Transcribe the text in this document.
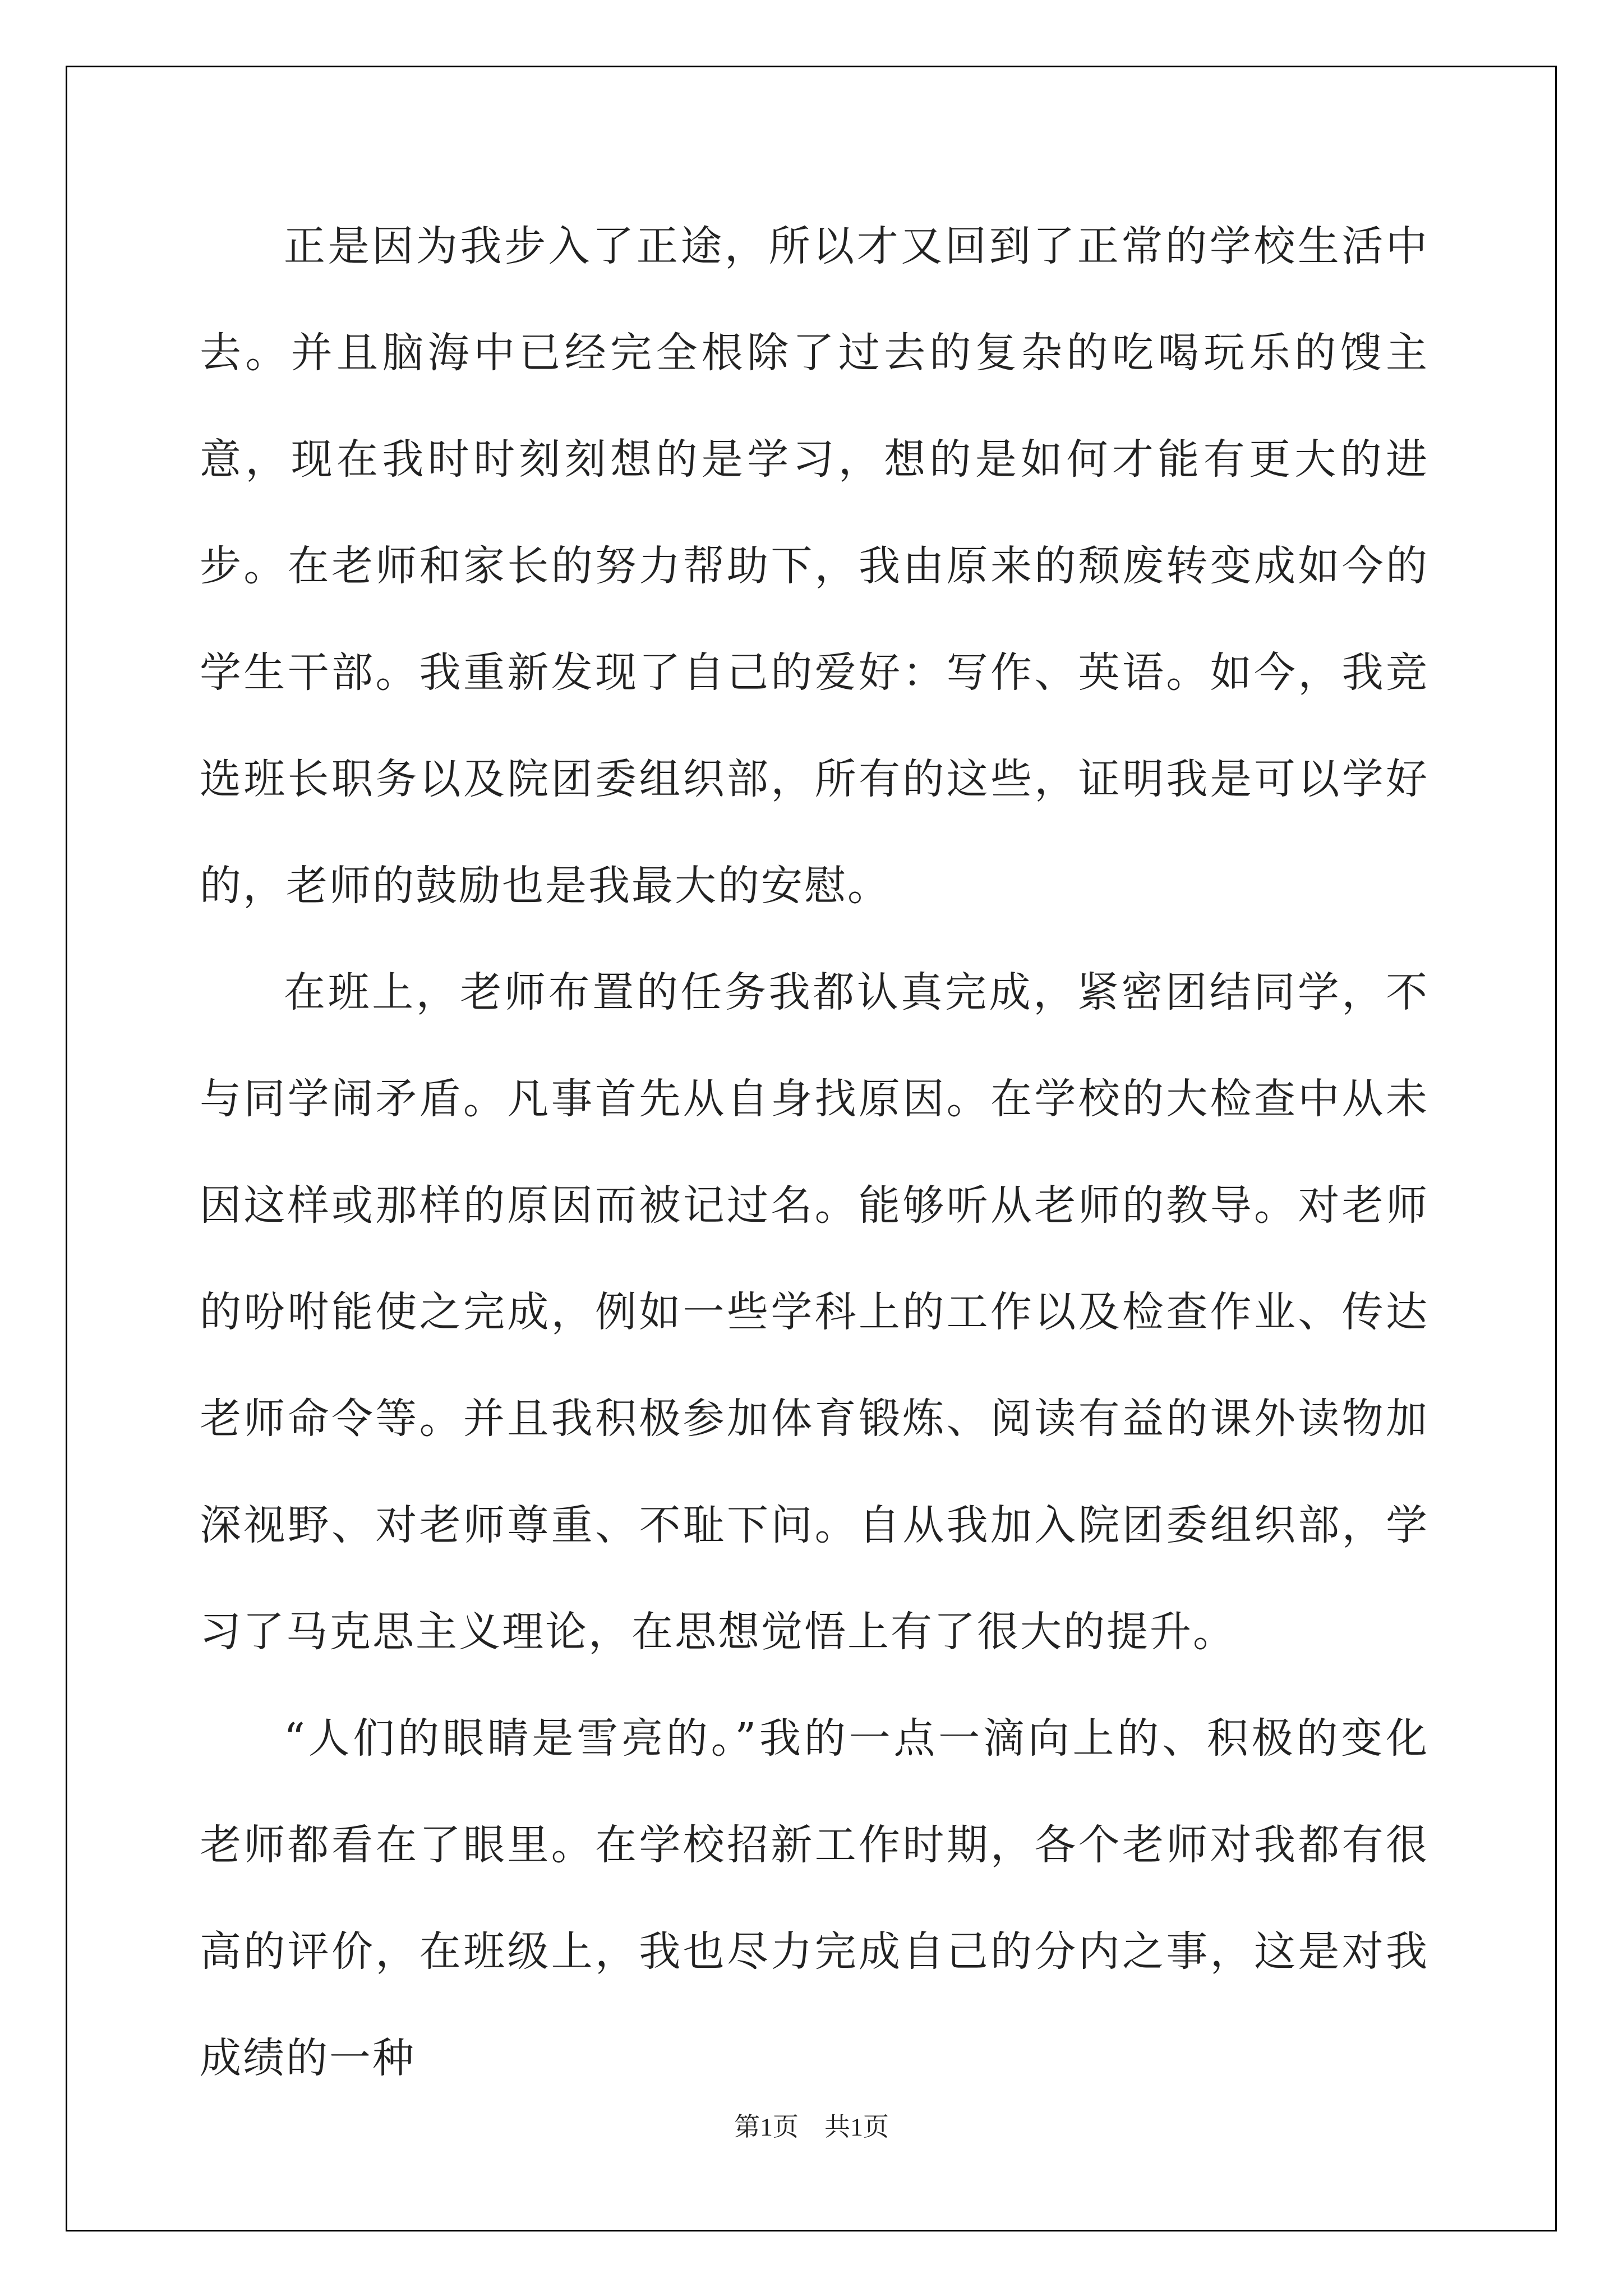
正是因为我步入了正途，所以才又回到了正常的学校生活中去。并且脑海中已经完全根除了过去的复杂的吃喝玩乐的馊主意，现在我时时刻刻想的是学习，想的是如何才能有更大的进步。在老师和家长的努力帮助下，我由原来的颓废转变成如今的学生干部。我重新发现了自己的爱好：写作、英语。如今，我竞选班长职务以及院团委组织部，所有的这些，证明我是可以学好的，老师的鼓励也是我最大的安慰。

在班上，老师布置的任务我都认真完成，紧密团结同学，不与同学闹矛盾。凡事首先从自身找原因。在学校的大检查中从未因这样或那样的原因而被记过名。能够听从老师的教导。对老师的吩咐能使之完成，例如一些学科上的工作以及检查作业、传达老师命令等。并且我积极参加体育锻炼、阅读有益的课外读物加深视野、对老师尊重、不耻下问。自从我加入院团委组织部，学习了马克思主义理论，在思想觉悟上有了很大的提升。

“人们的眼睛是雪亮的。”我的一点一滴向上的、积极的变化老师都看在了眼里。在学校招新工作时期，各个老师对我都有很高的评价，在班级上，我也尽力完成自己的分内之事，这是对我成绩的一种

第1页　共1页
